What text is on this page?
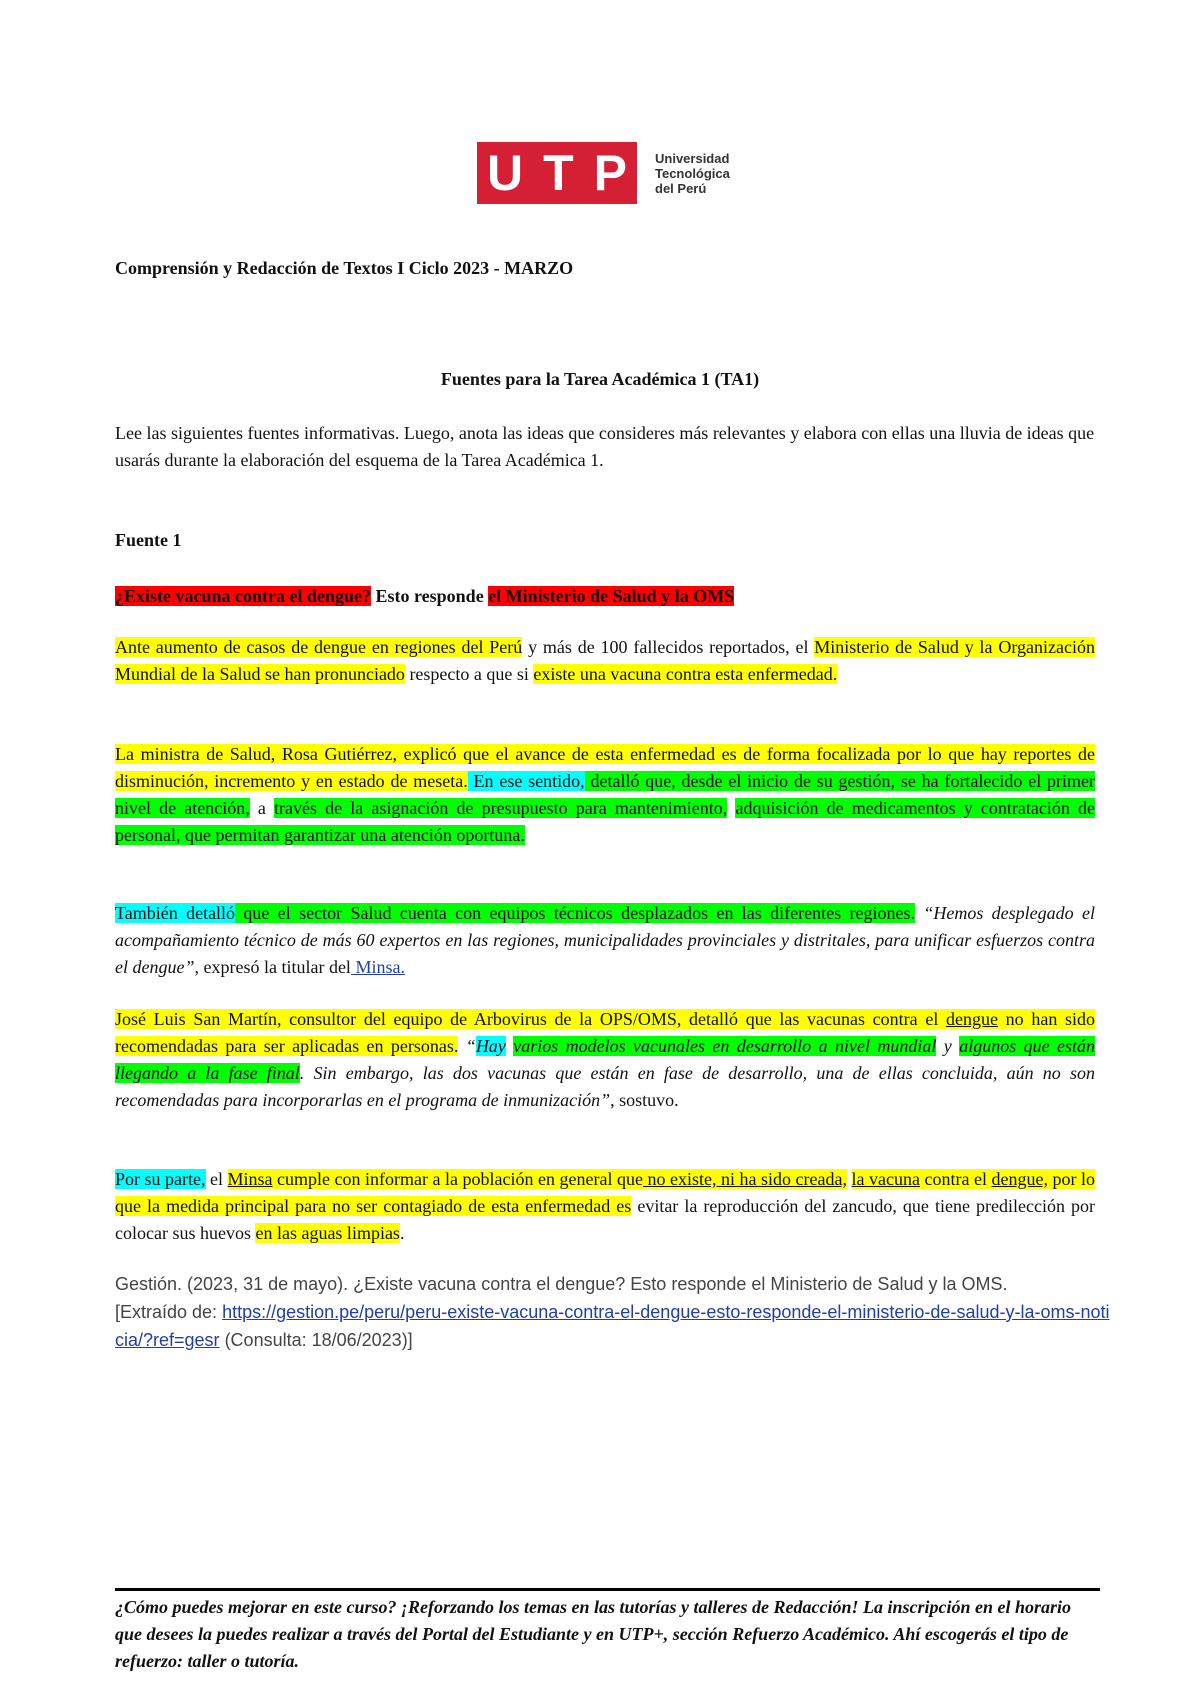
U T P Universidad
Tecnológica
del Perú
Comprensión y Redacción de Textos I Ciclo 2023 - MARZO
Fuentes para la Tarea Académica 1 (TA1)
Lee las siguientes fuentes informativas. Luego, anota las ideas que consideres más relevantes y elabora con ellas una lluvia de ideas que usarás durante la elaboración del esquema de la Tarea Académica 1.
Fuente 1
¿Existe vacuna contra el dengue? Esto responde el Ministerio de Salud y la OMS
Ante aumento de casos de dengue en regiones del Perú y más de 100 fallecidos reportados, el Ministerio de Salud y la Organización Mundial de la Salud se han pronunciado respecto a que si existe una vacuna contra esta enfermedad.
La ministra de Salud, Rosa Gutiérrez, explicó que el avance de esta enfermedad es de forma focalizada por lo que hay reportes de disminución, incremento y en estado de meseta. En ese sentido, detalló que, desde el inicio de su gestión, se ha fortalecido el primer nivel de atención, a través de la asignación de presupuesto para mantenimiento, adquisición de medicamentos y contratación de personal, que permitan garantizar una atención oportuna.
También detalló que el sector Salud cuenta con equipos técnicos desplazados en las diferentes regiones. “Hemos desplegado el acompañamiento técnico de más 60 expertos en las regiones, municipalidades provinciales y distritales, para unificar esfuerzos contra el dengue”, expresó la titular del Minsa.
José Luis San Martín, consultor del equipo de Arbovirus de la OPS/OMS, detalló que las vacunas contra el dengue no han sido recomendadas para ser aplicadas en personas. “Hay varios modelos vacunales en desarrollo a nivel mundial y algunos que están llegando a la fase final. Sin embargo, las dos vacunas que están en fase de desarrollo, una de ellas concluida, aún no son recomendadas para incorporarlas en el programa de inmunización”, sostuvo.
Por su parte, el Minsa cumple con informar a la población en general que no existe, ni ha sido creada, la vacuna contra el dengue, por lo que la medida principal para no ser contagiado de esta enfermedad es evitar la reproducción del zancudo, que tiene predilección por colocar sus huevos en las aguas limpias.
Gestión. (2023, 31 de mayo). ¿Existe vacuna contra el dengue? Esto responde el Ministerio de Salud y la OMS.
[Extraído de: https://gestion.pe/peru/peru-existe-vacuna-contra-el-dengue-esto-responde-el-ministerio-de-salud-y-la-oms-noticia/?ref=gesr (Consulta: 18/06/2023)]
¿Cómo puedes mejorar en este curso? ¡Reforzando los temas en las tutorías y talleres de Redacción! La inscripción en el horario que desees la puedes realizar a través del Portal del Estudiante y en UTP+, sección Refuerzo Académico. Ahí escogerás el tipo de refuerzo: taller o tutoría.
